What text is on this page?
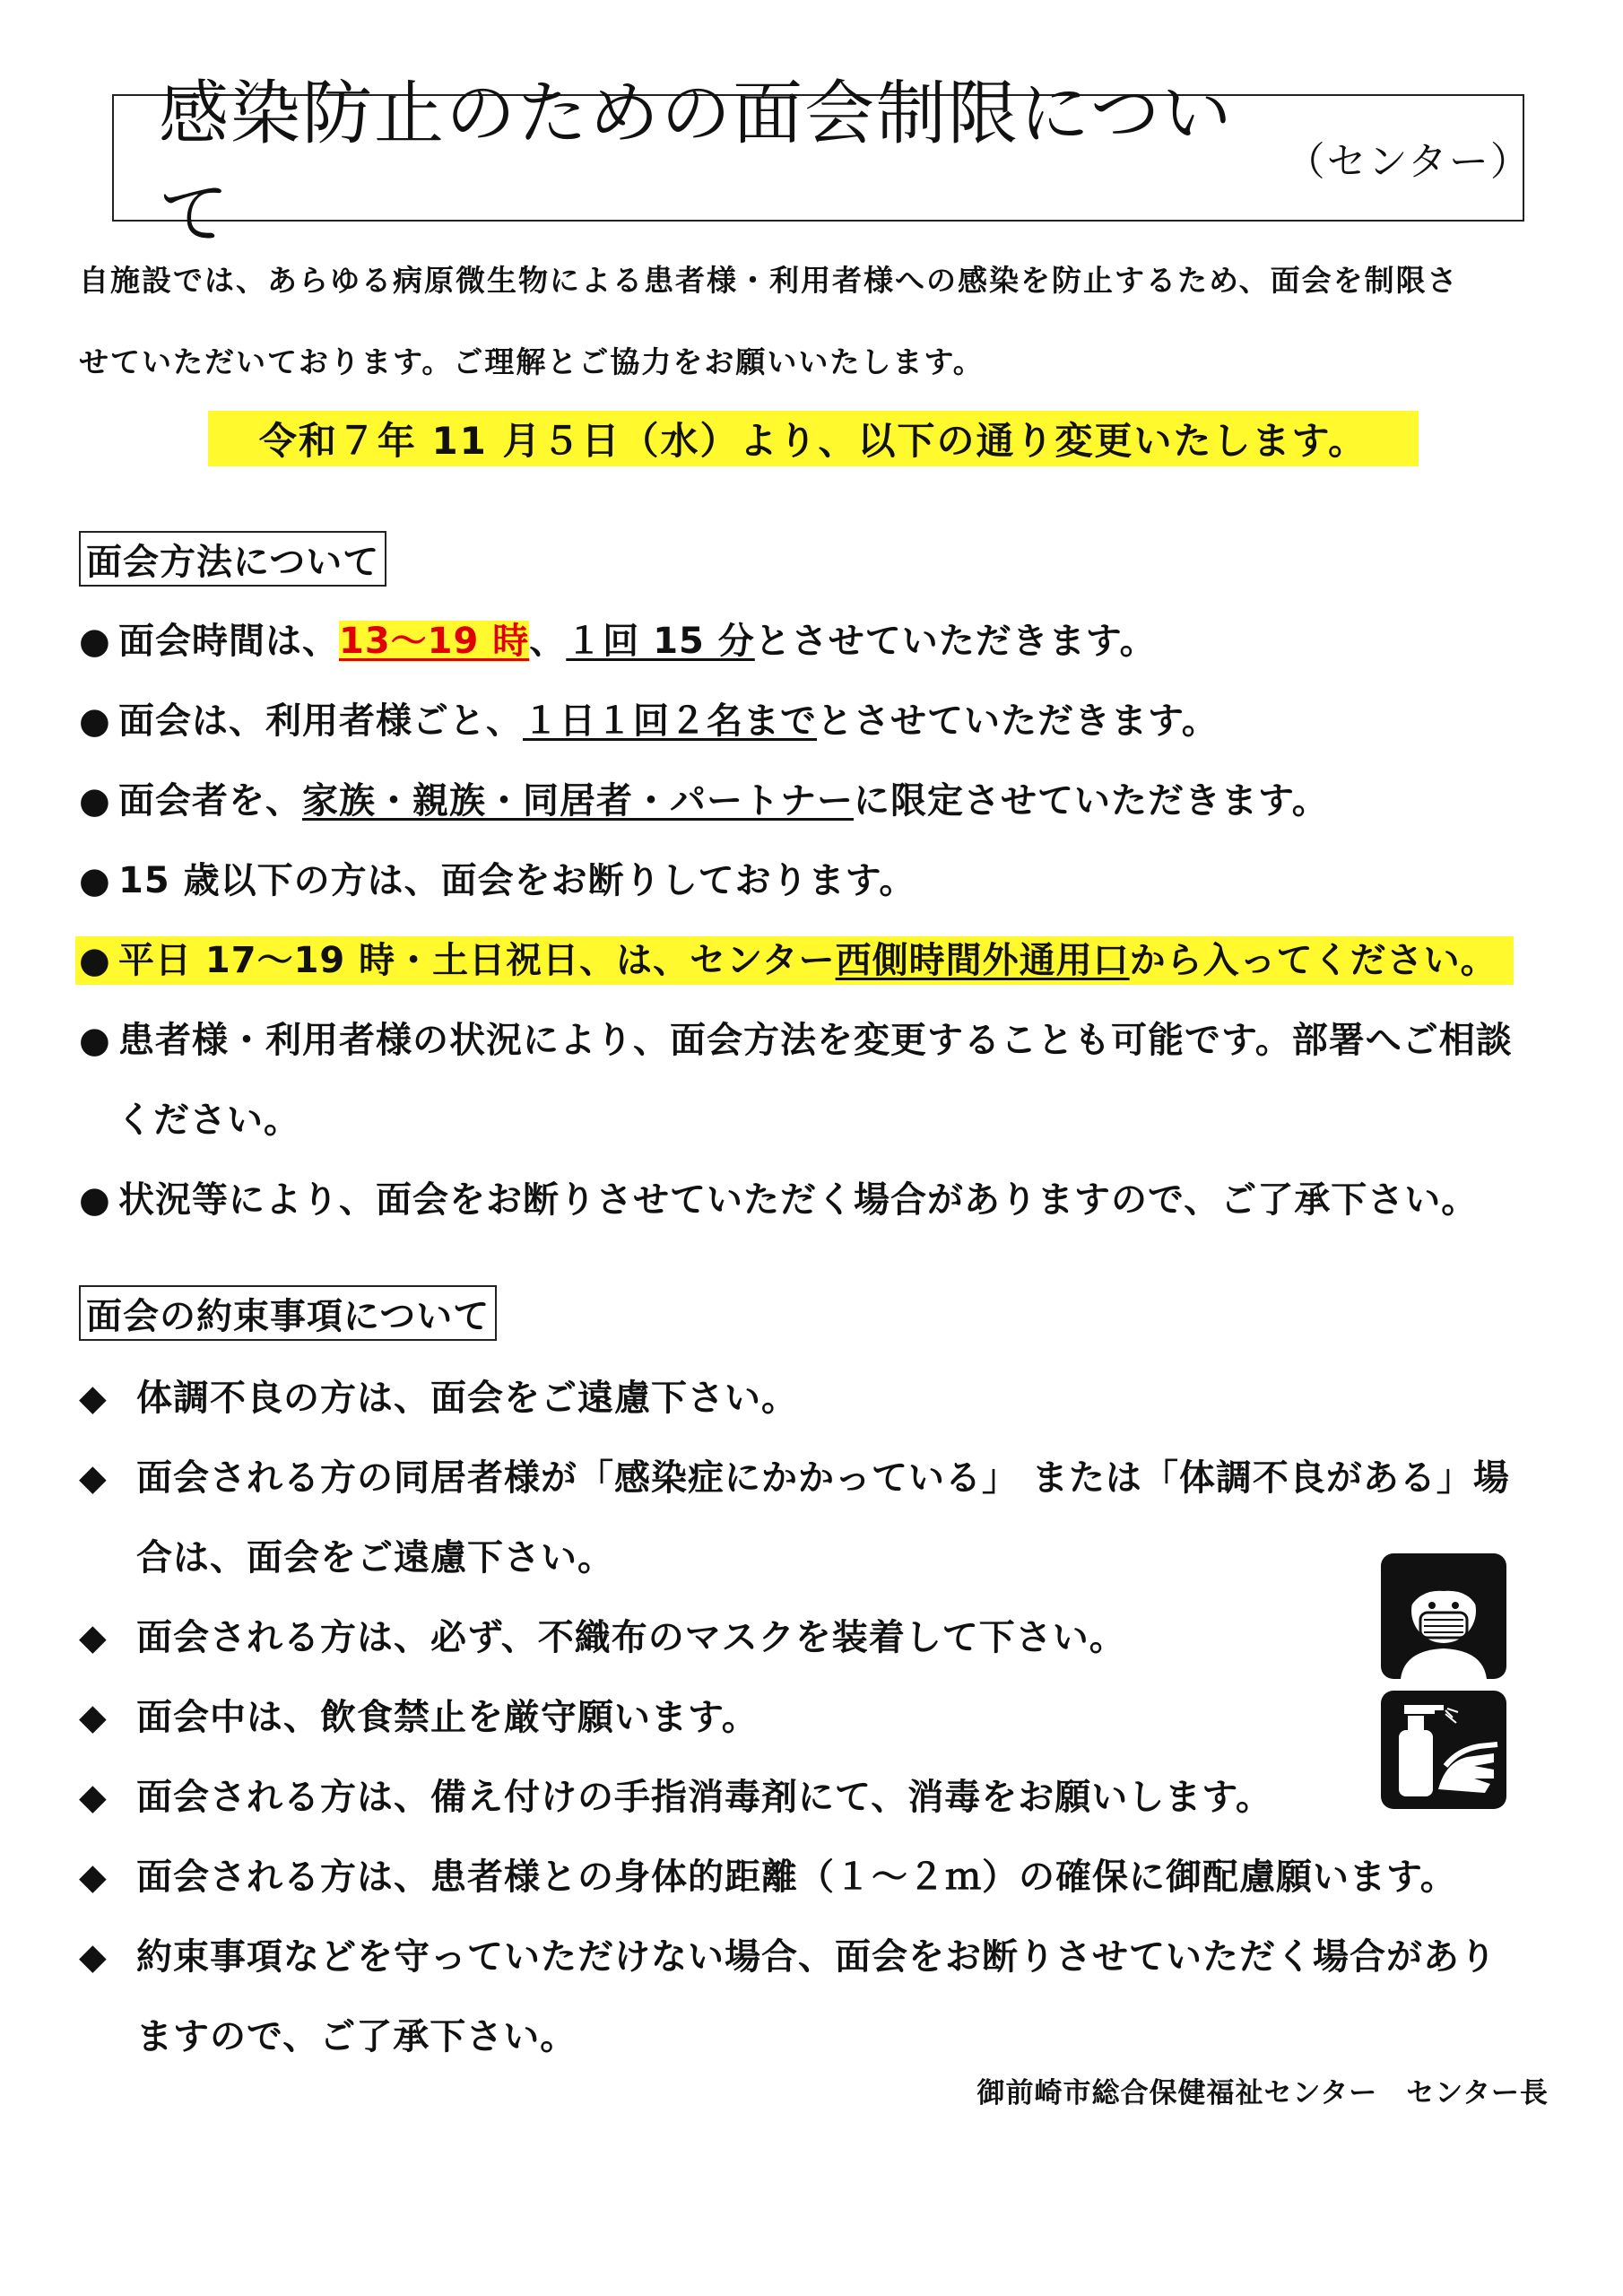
感染防止のための面会制限について
（センター）
自施設では、あらゆる病原微生物による患者様・利用者様への感染を防止するため、面会を制限さ
せていただいております。ご理解とご協力をお願いいたします。
令和７年 11 月５日（水）より、以下の通り変更いたします。
面会方法について
● 面会時間は、13～19 時、１回 15 分とさせていただきます。
● 面会は、利用者様ごと、１日１回２名までとさせていただきます。
● 面会者を、家族・親族・同居者・パートナーに限定させていただきます。
● 15 歳以下の方は、面会をお断りしております。
● 平日 17～19 時・土日祝日、は、センター西側時間外通用口から入ってください。
● 患者様・利用者様の状況により、面会方法を変更することも可能です。部署へご相談
ください。
● 状況等により、面会をお断りさせていただく場合がありますので、ご了承下さい。
面会の約束事項について
◆ 体調不良の方は、面会をご遠慮下さい。
◆ 面会される方の同居者様が「感染症にかかっている」 または「体調不良がある」場
合は、面会をご遠慮下さい。
◆ 面会される方は、必ず、不織布のマスクを装着して下さい。
◆ 面会中は、飲食禁止を厳守願います。
◆ 面会される方は、備え付けの手指消毒剤にて、消毒をお願いします。
◆ 面会される方は、患者様との身体的距離（１～２ｍ）の確保に御配慮願います。
◆ 約束事項などを守っていただけない場合、面会をお断りさせていただく場合があり
ますので、ご了承下さい。
御前崎市総合保健福祉センター　センター長
